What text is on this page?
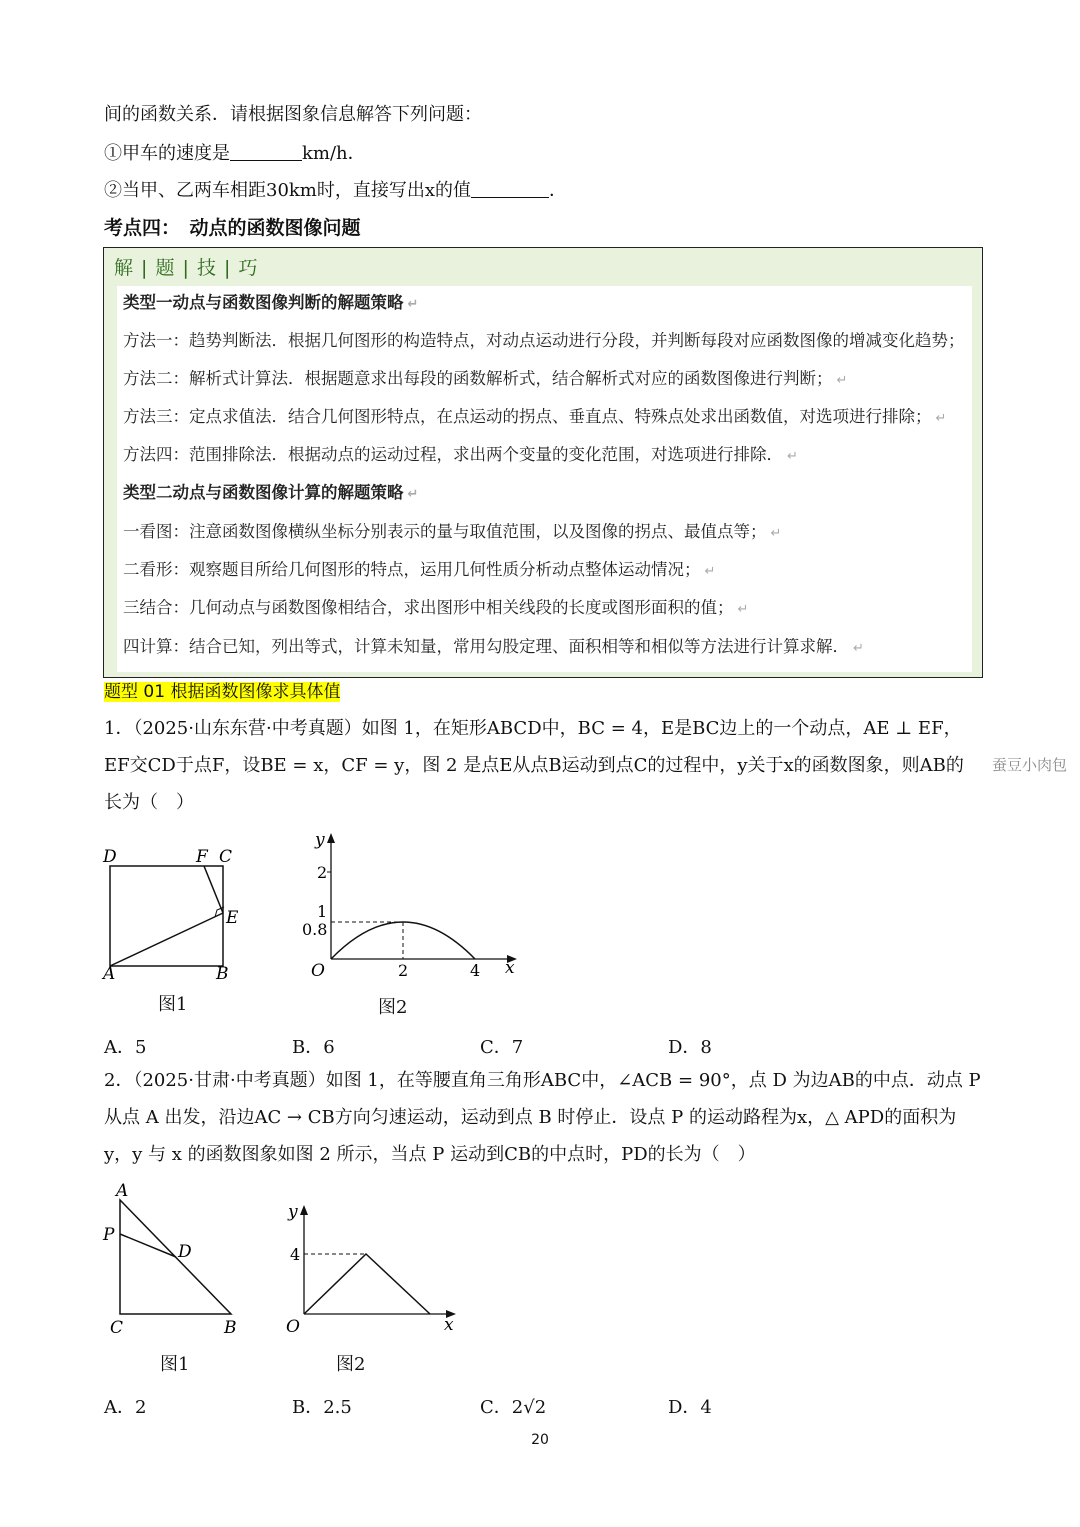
间的函数关系．请根据图象信息解答下列问题：
①甲车的速度是	km/h．
②当甲、乙两车相距30km时，直接写出x的值	．
考点四：　动点的函数图像问题
解 | 题 | 技 | 巧
类型一动点与函数图像判断的解题策略 ↵
方法一：趋势判断法．根据几何图形的构造特点，对动点运动进行分段，并判断每段对应函数图像的增减变化趋势；
方法二：解析式计算法．根据题意求出每段的函数解析式，结合解析式对应的函数图像进行判断； ↵
方法三：定点求值法．结合几何图形特点，在点运动的拐点、垂直点、特殊点处求出函数值，对选项进行排除； ↵
方法四：范围排除法．根据动点的运动过程，求出两个变量的变化范围，对选项进行排除． ↵
类型二动点与函数图像计算的解题策略 ↵
一看图：注意函数图像横纵坐标分别表示的量与取值范围，以及图像的拐点、最值点等； ↵
二看形：观察题目所给几何图形的特点，运用几何性质分析动点整体运动情况； ↵
三结合：几何动点与函数图像相结合，求出图形中相关线段的长度或图形面积的值； ↵
四计算：结合已知，列出等式，计算未知量，常用勾股定理、面积相等和相似等方法进行计算求解． ↵
题型 01 根据函数图像求具体值
1．（2025·山东东营·中考真题）如图 1，在矩形ABCD中，BC = 4，E是BC边上的一个动点，AE ⊥ EF，
EF交CD于点F，设BE = x，CF = y，图 2 是点E从点B运动到点C的过程中，y关于x的函数图象，则AB的
长为（　）
蚕豆小肉包
D	F C
E
A	B
图1
y
2
1
0.8
O	2	4 x
图2
A．5	B．6	C．7	D．8
2．（2025·甘肃·中考真题）如图 1，在等腰直角三角形ABC中，∠ACB = 90°，点 D 为边AB的中点．动点 P
从点 A 出发，沿边AC → CB方向匀速运动，运动到点 B 时停止．设点 P 的运动路程为x，△ APD的面积为
y，y 与 x 的函数图象如图 2 所示，当点 P 运动到CB的中点时，PD的长为（　）
A
P
D
C	B
图1
y
4
O	x
图2
A．2	B．2.5	C．2√2	D．4
20
